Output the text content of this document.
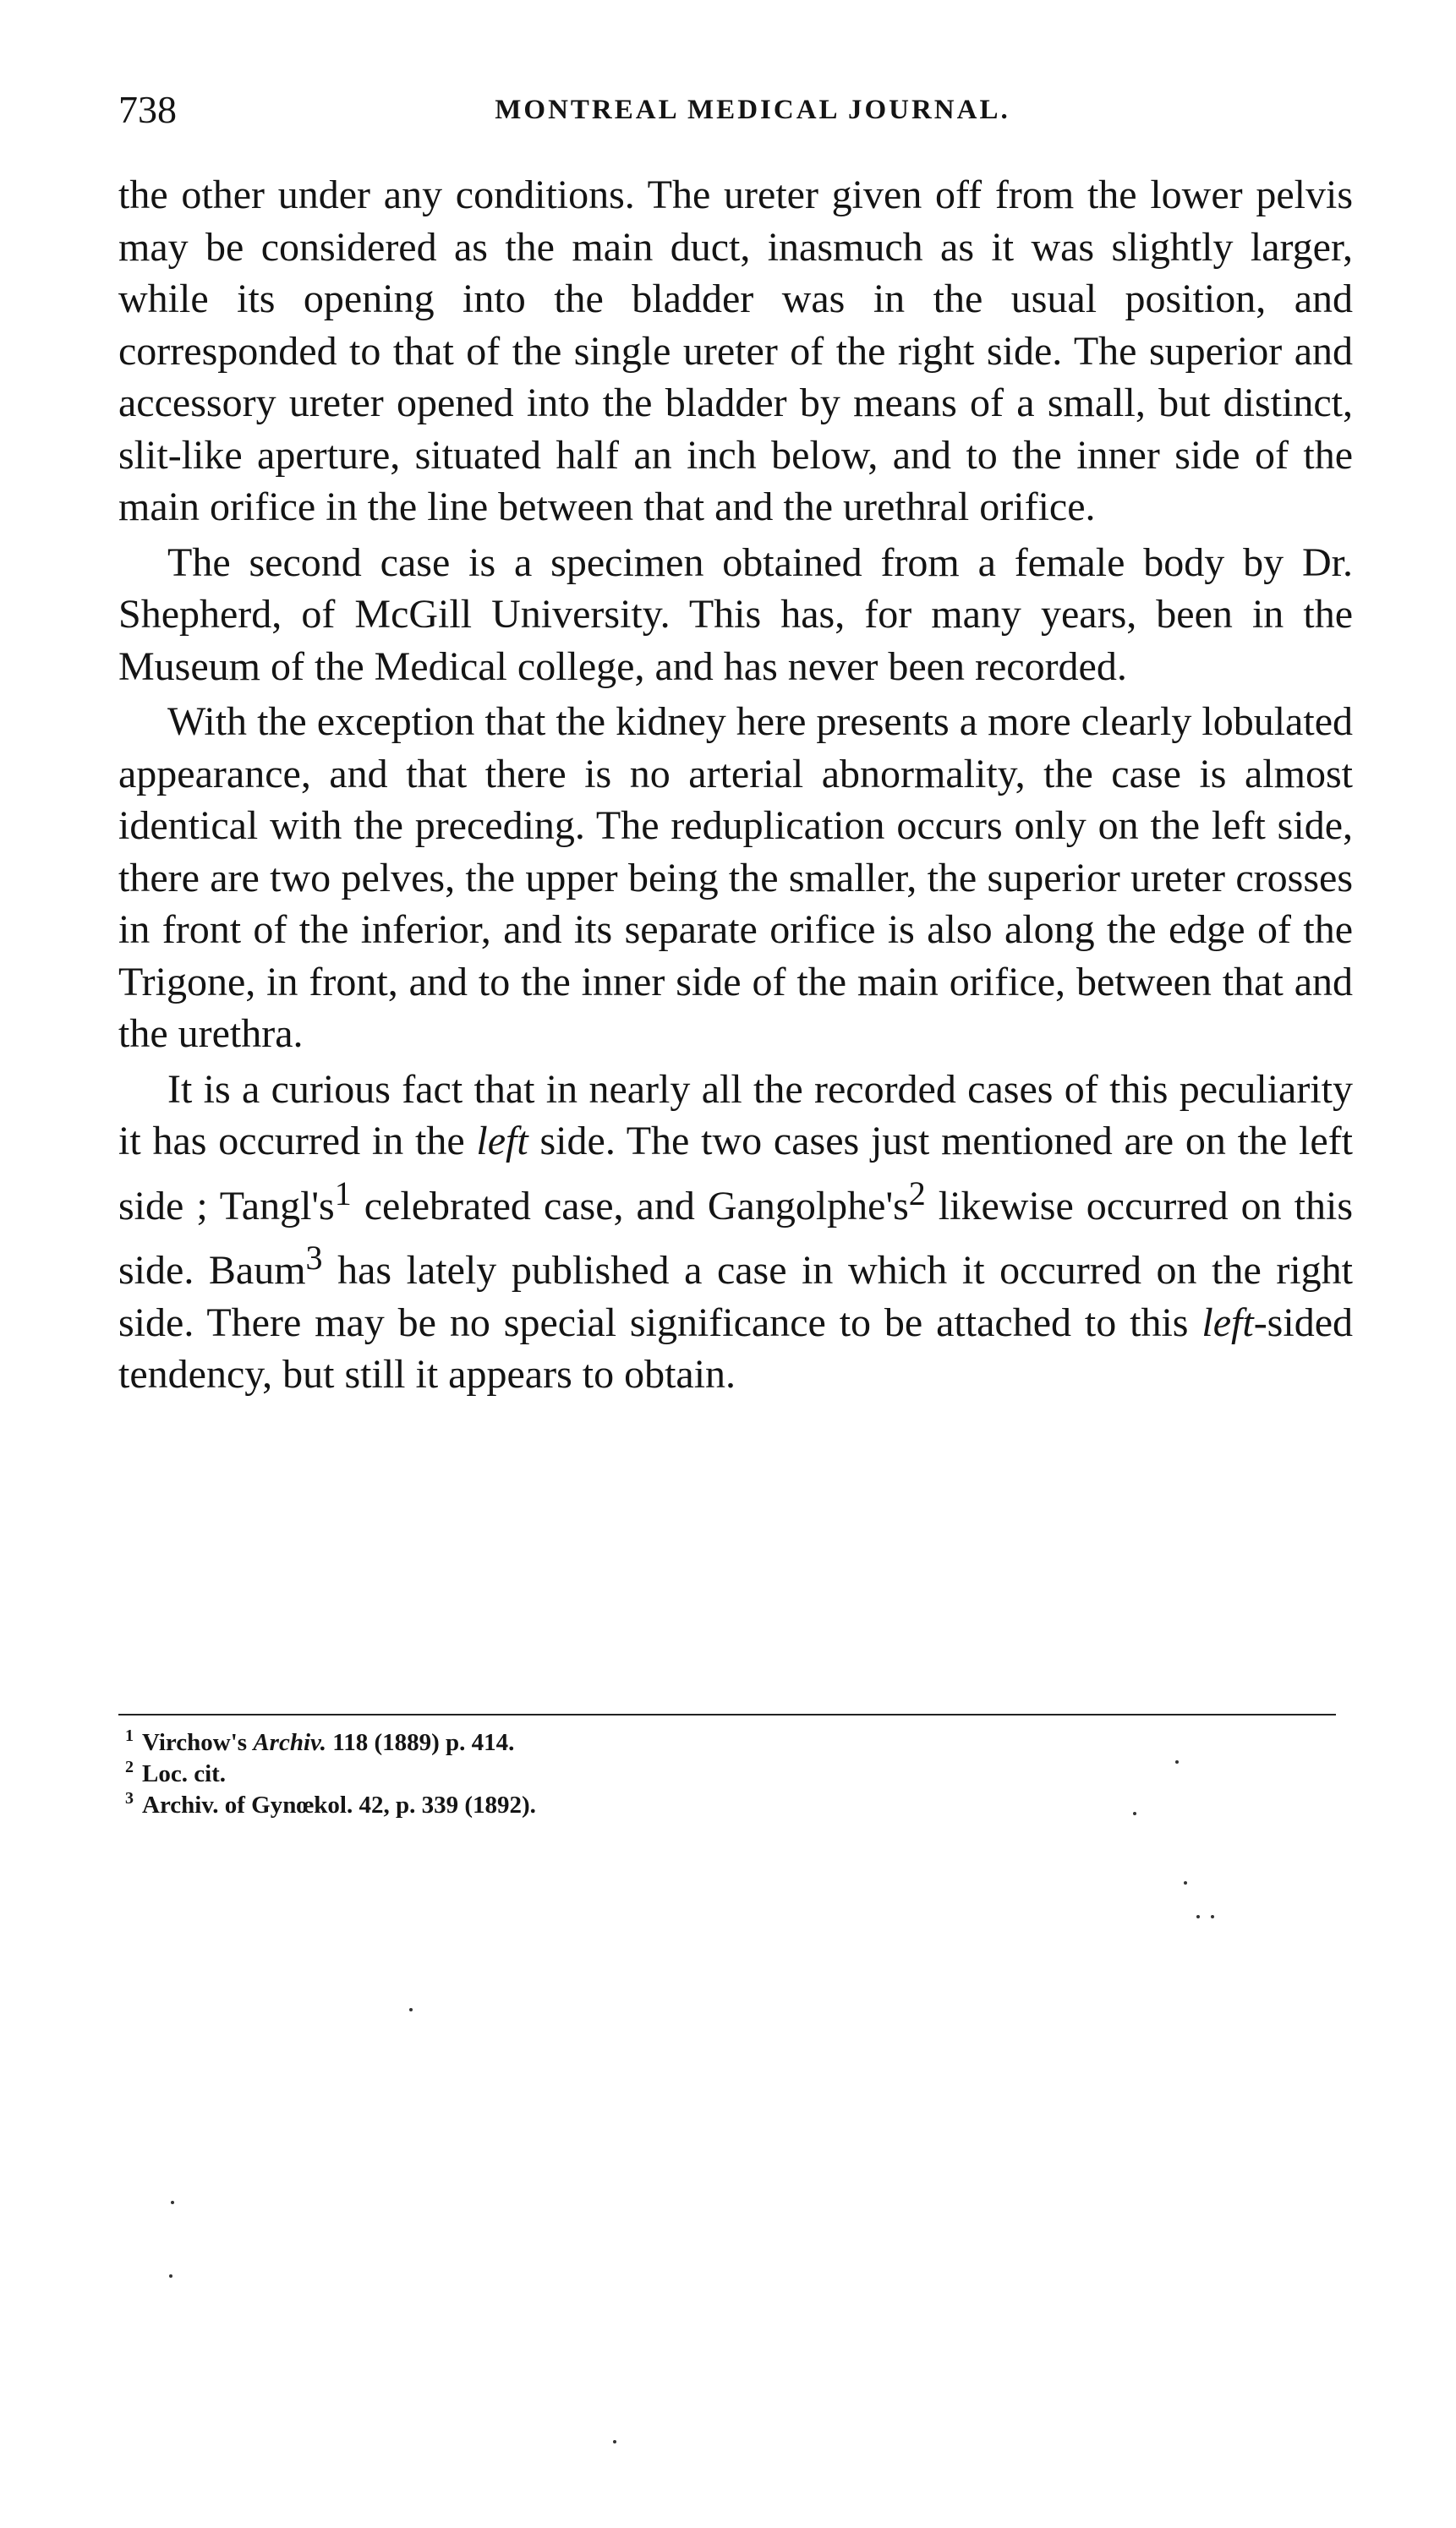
738	MONTREAL MEDICAL JOURNAL.

the other under any conditions. The ureter given off from the lower pelvis may be considered as the main duct, inasmuch as it was slightly larger, while its opening into the bladder was in the usual position, and corresponded to that of the single ureter of the right side. The superior and accessory ureter opened into the bladder by means of a small, but distinct, slit-like aperture, situated half an inch below, and to the inner side of the main orifice in the line between that and the urethral orifice.

The second case is a specimen obtained from a female body by Dr. Shepherd, of McGill University. This has, for many years, been in the Museum of the Medical college, and has never been recorded.

With the exception that the kidney here presents a more clearly lobulated appearance, and that there is no arterial abnormality, the case is almost identical with the preceding. The reduplication occurs only on the left side, there are two pelves, the upper being the smaller, the superior ureter crosses in front of the inferior, and its separate orifice is also along the edge of the Trigone, in front, and to the inner side of the main orifice, between that and the urethra.

It is a curious fact that in nearly all the recorded cases of this peculiarity it has occurred in the left side. The two cases just mentioned are on the left side ; $Tangl's^1$ celebrated case, and $Gangolphe's^2$ likewise occurred on this side. Baum$^3$ has lately published a case in which it occurred on the right side. There may be no special significance to be attached to this left-sided tendency, but still it appears to obtain.

1 Virchow's Archiv. 118 (1889) p. 414.
2 Loc. cit.
3 Archiv. of Gynœkol. 42, p. 339 (1892).
